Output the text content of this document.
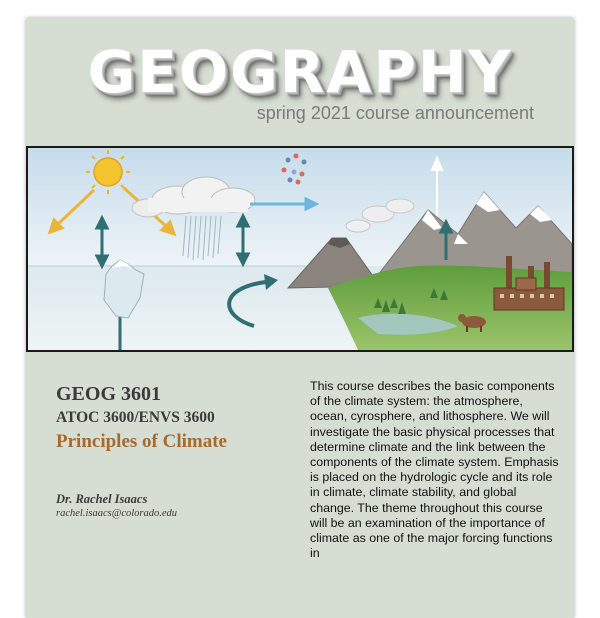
GEOGRAPHY
spring 2021 course announcement
GEOG 3601
ATOC 3600/ENVS 3600
Principles of Climate
Dr. Rachel Isaacs
rachel.isaacs@colorado.edu

This course describes the basic components of the climate system: the atmosphere, ocean, cyrosphere, and lithosphere. We will investigate the basic physical processes that determine climate and the link between the components of the climate system. Emphasis is placed on the hydrologic cycle and its role in climate, climate stability, and global change. The theme throughout this course will be an examination of the importance of climate as one of the major forcing functions in
